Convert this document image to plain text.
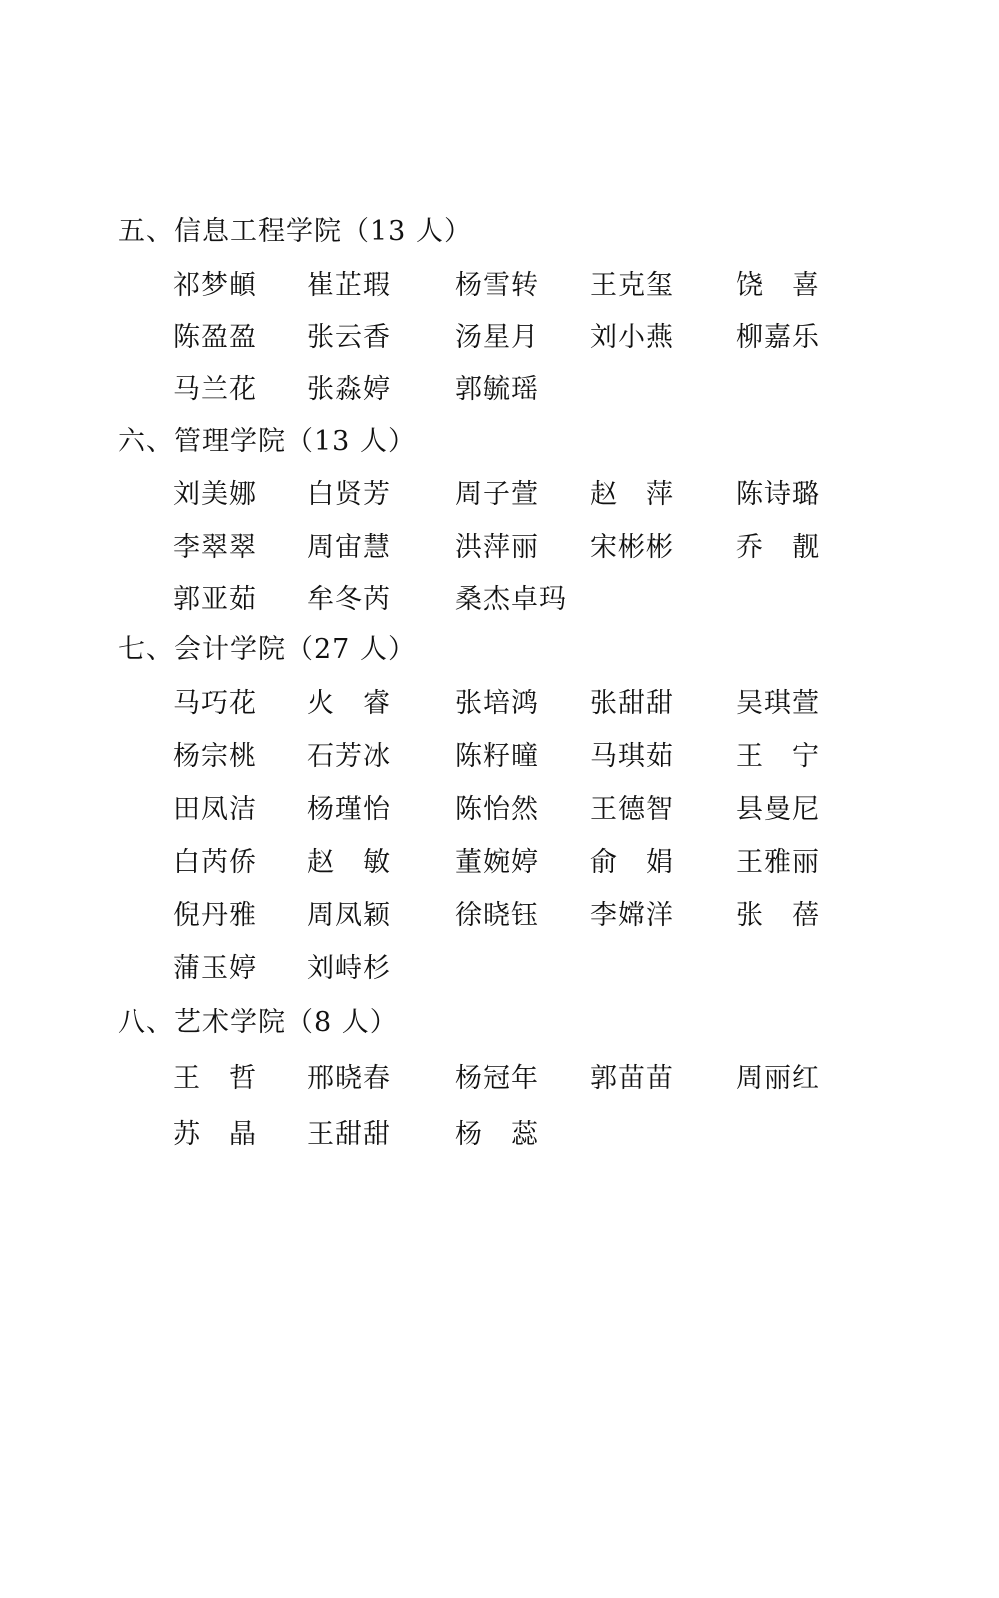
五、信息工程学院（13 人）
祁梦頔 崔芷瑕 杨雪转 王克玺 饶　喜
陈盈盈 张云香 汤星月 刘小燕 柳嘉乐
马兰花 张淼婷 郭毓瑶
六、管理学院（13 人）
刘美娜 白贤芳 周子萱 赵　萍 陈诗璐
李翠翠 周宙慧 洪萍丽 宋彬彬 乔　靓
郭亚茹 牟冬芮 桑杰卓玛
七、会计学院（27 人）
马巧花 火　睿 张培鸿 张甜甜 吴琪萱
杨宗桃 石芳冰 陈籽曈 马琪茹 王　宁
田凤洁 杨瑾怡 陈怡然 王德智 县曼尼
白芮侨 赵　敏 董婉婷 俞　娟 王雅丽
倪丹雅 周凤颖 徐晓钰 李嫦洋 张　蓓
蒲玉婷 刘峙杉
八、艺术学院（8 人）
王　哲 邢晓春 杨冠年 郭苗苗 周丽红
苏　晶 王甜甜 杨　蕊
